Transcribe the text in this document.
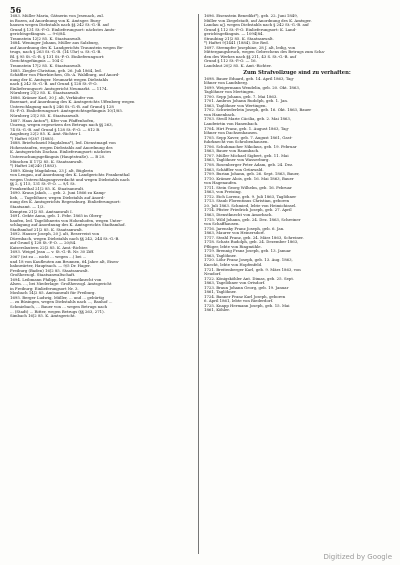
56
1683. Müller Maria, Gätnerin von Jesenach, zul.
in Bozen, ad Anordnung von K. Amtsger. Burg-
hausen wegen Diebstahls nach §§ 242 St.-G.-B. auf
Grund § 131 St.-P.-O. Einlieferungsort: nächstes Amts-
gerichtsgefängnis. — 9-6/84.
Traunstein 12|2 85. K. Staatsanwalt.
1684. Weninger Johann, Müller aus Salzburg,
auf Anordnung des K. Landgerichts Traunstein wegen Be-
trugs, nach § 263 St.-G.-B. (14 Uhr) u. St.-G.-B.
Bl. § 95 St.-G.-B. § 131 St.-P.-O. Einlieferungsort:
Gerichtsgefängnis — 104 C
Traunstein 17|2 85. K. Staatsanwalt.
1685. Ziegler Christian, geb. 26. Juli 1864, led.
Schäffler von Pfarrkirchen, Ob.-A. Waldburg, auf Anord-
nung der K. Amtsger. Neumarkt wegen Diebstahls
nach § 242 St.-G.-B. auf Grund § 128 St.-P.-O.
Einlieferungsort: Amtsgericht Neumarkt. — 1174.
Nürnberg 21|2 85. K. Staatsanwalt.
1686. Krämer Karl, 30 J. alt, Verkäufer von
Bozenart, auf Anordnung des K. Amtsgerichts Uffenberg wegen
Unterschlagung nach § 246 St.-G.-B. auf Grund § 128
St.-P.-O. Einlieferungsort: Amtsgerichtsgefängnis 10/1/85.
Nürnberg 21|2 85. K. Staatsanwalt.
1687. Haas Anton*), Kfer von Pfaffenhofen,
Unzeug, wegen ergesetzen des Betrugs nach §§ 263,
74 St.-G.-B. auf Grund § 128 St.-P.-O. — 812 B.
Augsburg 22|2 85. K. Amt.-Richter I.
*) Haftet 9|387 (1885).
1688. Briefschneid Magdalena*), led. Dienstmagd von
Hohenstaufen, wegen Diebstahls auf Anordnung des
K. Amtsgerichts Dachau. Einlieferungsort: nächstes
Untersuchungsgefängnis (Hauptstraße). — B 20.
München II 17|2 85. K. Staatsanwalt.
*) Haftet 26|240 (1883).
1689. König Magdalena, 23 J. alt, Büglerin
von Lengau, auf Anordnung des K. Landgerichts Frankenthal
wegen Unterschlagungsverdacht und wegen Diebstahls nach
§§ 2, § 115, 131 St.-P.-O. — 9/1 St.
Frankenthal 21|2 85. K. Staatsanwalt.
1690. Kraus Jakob, ... geb. 2. Juni 1866 zu Kamp-
lieb, ... Tagelöhner, wegen Diebstahls auf Anord-
nung des K. Amtsgerichts Regensburg. Einlieferungsort:
Staatsamt. — 1/3.
Kempten 21|2 85. Amtsanwalt I.
1691. Oekte Anna, geb. 1. Febr. 1865 in Oberg-
haufen, led. Tagelöhnerin von Hohenhofen, wegen Unter-
schlagung auf Anordnung des K. Amtsgerichts Stadtamhof.
Stadtamhof 21|2 85. K. Staatsanwalt.
1692. Hauser Joseph, 20 J. alt, Reserveist von
Dürrnbach, wegen Diebstahls nach §§ 242, 244 St.-G.-B.
auf Grund § 128 St.-P.-O. — 20/84.
Kaiserslautern 22|2 85. K. Amt.-Richter.
1693. Weigel Jean — v. St.-G.-B. Nr. 30 Ziff.
3067 (ist zu ... nicht ... wegen ...) bei ...
und 18 von Kaufleuten am Brunnen, 64 Jahre alt, Eisen-
bahnwärter, Hauptsach. — 9/5 Dr. Hager.
Freiburg (Baden) 16|2 85. Staatsanwalt.
Großherzogl. Staatsanwaltschaft.
1694. Leibmann Philipp, led. Dienstknecht von
Alsen. ..., bei Niederlage: Großherzogl. Amtsgericht
in Freiburg: Einlieferungsort Nr. 3.
Mosbach 14|2 85. Amtsanwalt für Freiburg.
1695. Berger Ludwig, Müller, ... und ... gebürtig
... zu Büsingen, wegen Diebstahls nach ..., Bauhof ...
Schmiebach, ... Bauer von ... wegen Betrugs nach
... (Stadt) ... Ritter, wegen Betrugs (§§ 263, 271).
Simbach 16|2 85. K. Amtsgericht.
1696. Eisenstein Benedikt*), geb. 22. Juni 1849,
Müller von Ziegelstadt, auf Anordnung des K. Amtsger.
Landau a/J. wegen Diebstahls nach § 242 St.-G.-B. auf
Grund § 112 St.-P.-O. Einlieferungsort: K. Land-
gerichtsgefängnis. — 1094|84.
Straubing 21|2 85. K. Staatsanwalt.
*) Haftet 9|1441 (1884). Die Red.
1697. Strempfer Josephine, 28 J. alt, ledig, von
Mittergangsbruch, wegen Gebrechens des Betrugs zum Scha-
den des Werkes nach §§ 211, 43 S. St.-G.-B. auf
Grund § 112 St.-P.-O. — 16.
Landshut 20|2 85. K. Amt.-Richter.
Zum Strafvollzuge sind zu verhaften:
1698. Bauer Eduard, geb. 14. April 1863, Tag-
löhner von Landsberg.
1699. Weigermann Wendelin, geb. 20. Okt. 1863,
Taglöhner von Mertingen.
1700. Sepp Johann, geb. 7. Mai 1863.
1701. Ambros Johann Rudolph, geb. 1. Jan.
1863, Taglöhner von Wertingen.
1702. Schwiederlein Joseph, geb. 16. Okt. 1863, Bauer
von Hanenbach.
1703. Stroll Marie Cäcilia, geb. 2. Mai 1863,
Landwirtin von Hanenbach.
1704. Hirt Franz, geb. 1. August 1863, Tag-
löhner von Dachsenhausen.
1705. Sepp Xaver, geb. 7. August 1861, Gast-
fuhrknecht von Schrobenhausen.
1706. Schuhmacher Nikolaus, geb. 19. Februar
1863, Bauer von Raumbach.
1707. Müller Michael Sigbert, geb. 11. Mai
1863, Taglöhner von Wasserburg.
1708. Rosenberger Peter Adam, geb. 24. Dez.
1863, Schäffler von Grünwald.
1709. Burian Johann, geb. 26. Sept. 1863, Bauer,
1710. Krämer Alois, geb. 16. Mai 1863, Bauer
von Hagenaufen.
1711. Stein Georg Wilhelm, geb. 16. Februar
1863, von Freising.
1712. Eich Lorenz, geb. 9. Juli 1863, Taglöhner
1713. Staub Florentinus Christian, geboren
20. Juli 1863. Schmied, lebte von Heimichinsel.
1714. Pfister Friedrich Joseph, geb. 27. April
1863, Dienstknecht von Amorbach.
1715. Wild Johann, geb. 24. Dez. 1863, Schreiner
von Schaffhausen.
1716. Jarensky Franz Joseph, geb. 6. Jan.
1863, Maurer von Heinersdorf.
1717. Strahl Franz, geb. 24. März 1863, Schreiner.
1718. Schatz Rudolph, geb. 24. Dezember 1863,
Pflüger, lebte von Ringmühle.
1719. Brennig Franz Joseph, geb. 13. Januar
1863, Taglöhner.
1720. Löhr Franz Joseph, geb. 13. Aug. 1863,
Knecht, lebte von Hopfenfeld.
1721. Breitenberger Karl, geb. 9. März 1863, von
Neudorf.
1722. Königsköhler Ant. Dimas, geb. 25. Sept.
1863, Tagelöhner von Ortsdorf.
1723. Braun Johann Georg, geb. 19. Januar
1861, Taglöhner.
1724. Banner Franz Karl Joseph, geboren
6. April 1861, lebte von Riederdorf.
1725. Knapp Hermann Joseph, geb. 15. Mai
1861, Köhler.
Digitized by Google
